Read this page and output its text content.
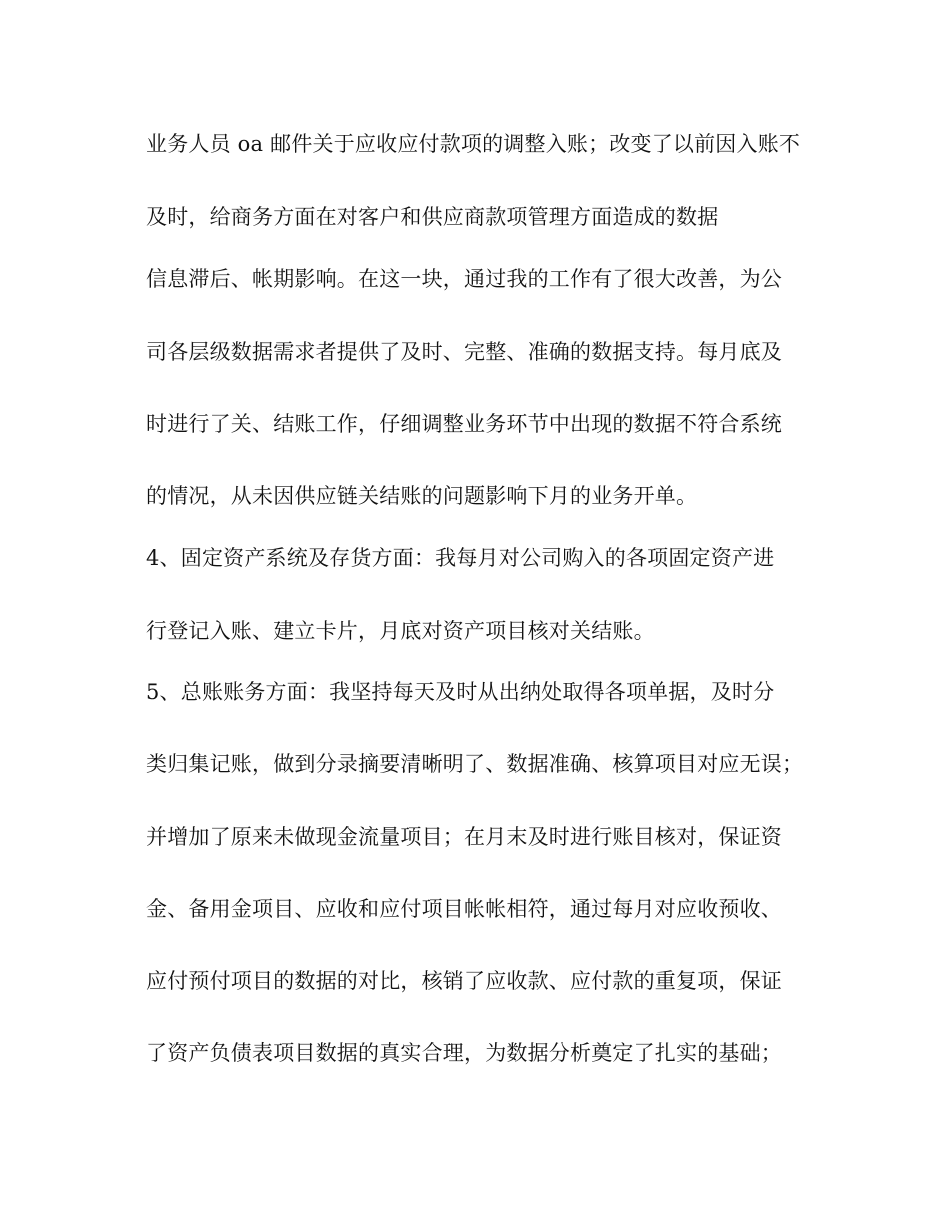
业务人员 oa 邮件关于应收应付款项的调整入账；改变了以前因入账不
及时，给商务方面在对客户和供应商款项管理方面造成的数据
信息滞后、帐期影响。在这一块，通过我的工作有了很大改善，为公
司各层级数据需求者提供了及时、完整、准确的数据支持。每月底及
时进行了关、结账工作，仔细调整业务环节中出现的数据不符合系统
的情况，从未因供应链关结账的问题影响下月的业务开单。
4、固定资产系统及存货方面：我每月对公司购入的各项固定资产进
行登记入账、建立卡片，月底对资产项目核对关结账。
5、总账账务方面：我坚持每天及时从出纳处取得各项单据，及时分
类归集记账，做到分录摘要清晰明了、数据准确、核算项目对应无误；
并增加了原来未做现金流量项目；在月末及时进行账目核对，保证资
金、备用金项目、应收和应付项目帐帐相符，通过每月对应收预收、
应付预付项目的数据的对比，核销了应收款、应付款的重复项，保证
了资产负债表项目数据的真实合理，为数据分析奠定了扎实的基础；
